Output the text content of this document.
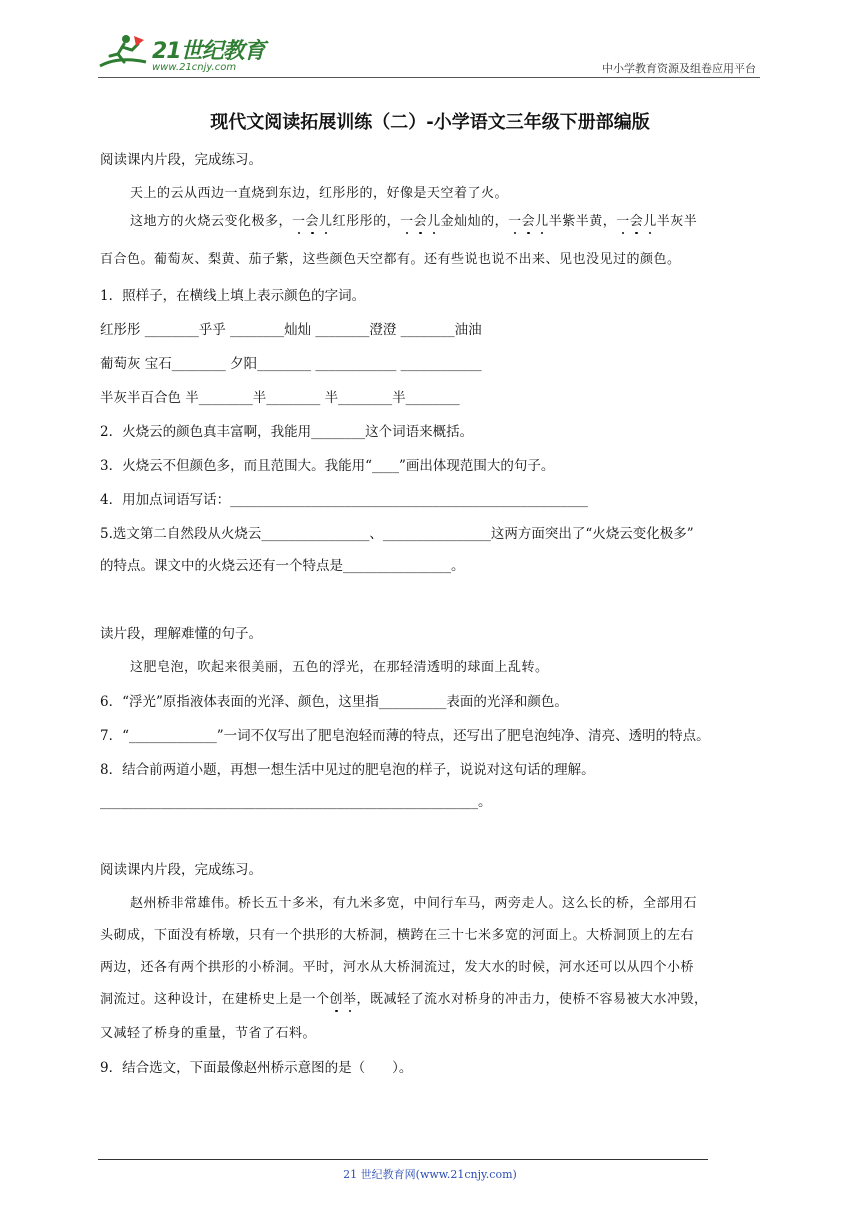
21世纪教育
www.21cnjy.com	中小学教育资源及组卷应用平台
现代文阅读拓展训练（二）-小学语文三年级下册部编版
阅读课内片段，完成练习。
天上的云从西边一直烧到东边，红彤彤的，好像是天空着了火。
这地方的火烧云变化极多，一会儿红彤彤的，一会儿金灿灿的，一会儿半紫半黄，一会儿半灰半
百合色。葡萄灰、梨黄、茄子紫，这些颜色天空都有。还有些说也说不出来、见也没见过的颜色。
1．照样子，在横线上填上表示颜色的字词。
红彤彤 ________乎乎 ________灿灿 ________澄澄 ________油油
葡萄灰 宝石________ 夕阳________ ____________ ____________
半灰半百合色 半________半________ 半________半________
2．火烧云的颜色真丰富啊，我能用________这个词语来概括。
3．火烧云不但颜色多，而且范围大。我能用“____”画出体现范围大的句子。
4．用加点词语写话：_____________________________________________________
5.选文第二自然段从火烧云________________、________________这两方面突出了“火烧云变化极多”
的特点。课文中的火烧云还有一个特点是________________。
读片段，理解难懂的句子。
这肥皂泡，吹起来很美丽，五色的浮光，在那轻清透明的球面上乱转。
6．“浮光”原指液体表面的光泽、颜色，这里指__________表面的光泽和颜色。
7．“_____________”一词不仅写出了肥皂泡轻而薄的特点，还写出了肥皂泡纯净、清亮、透明的特点。
8．结合前两道小题，再想一想生活中见过的肥皂泡的样子，说说对这句话的理解。
________________________________________________________。
阅读课内片段，完成练习。
赵州桥非常雄伟。桥长五十多米，有九米多宽，中间行车马，两旁走人。这么长的桥，全部用石
头砌成，下面没有桥墩，只有一个拱形的大桥洞，横跨在三十七米多宽的河面上。大桥洞顶上的左右
两边，还各有两个拱形的小桥洞。平时，河水从大桥洞流过，发大水的时候，河水还可以从四个小桥
洞流过。这种设计，在建桥史上是一个创举，既减轻了流水对桥身的冲击力，使桥不容易被大水冲毁，
又减轻了桥身的重量，节省了石料。
9．结合选文，下面最像赵州桥示意图的是（　　）。
21 世纪教育网(www.21cnjy.com)
